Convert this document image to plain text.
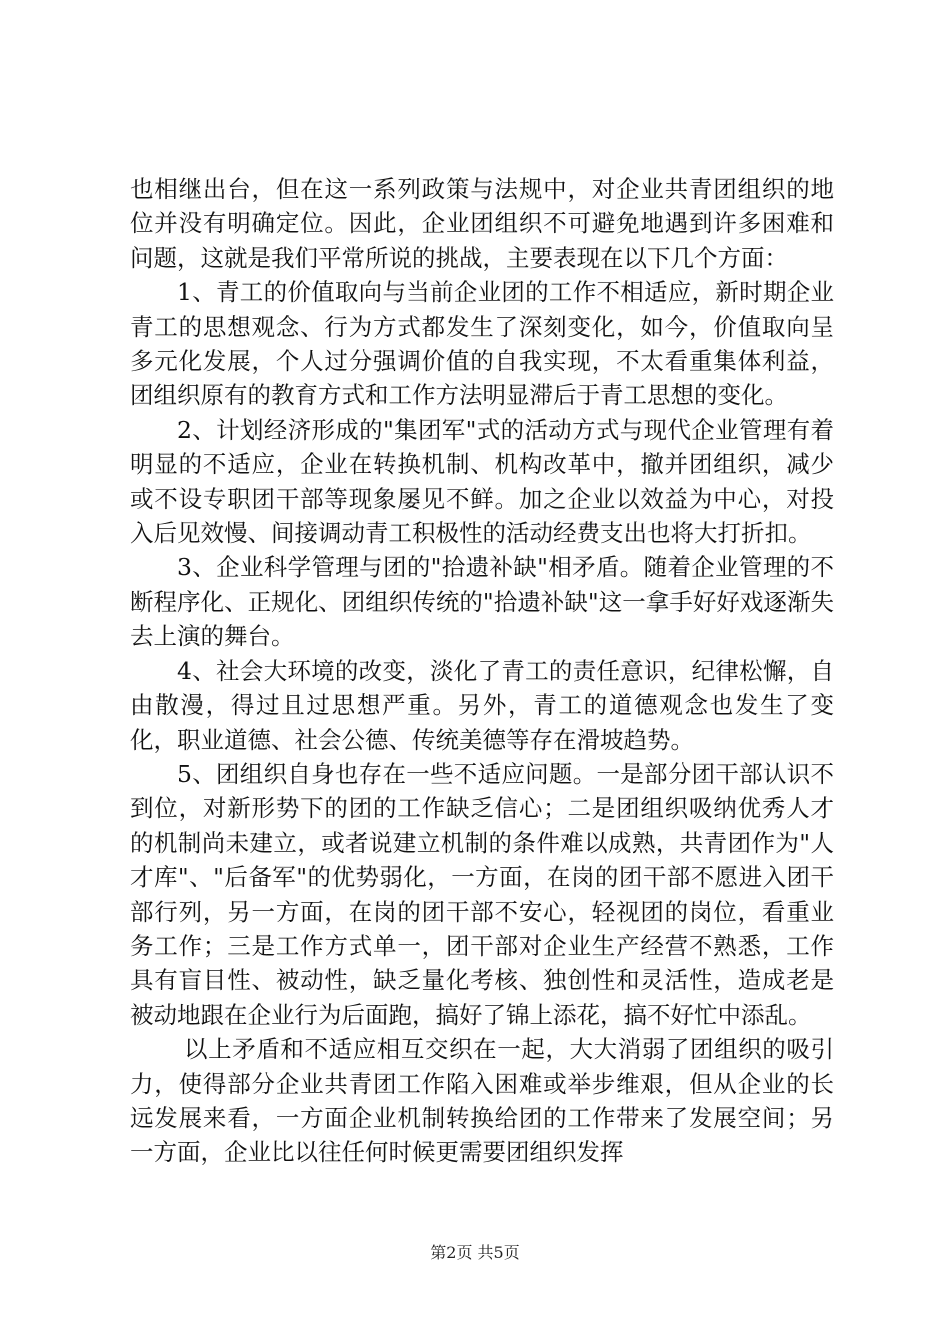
也相继出台，但在这一系列政策与法规中，对企业共青团组织的地位并没有明确定位。因此，企业团组织不可避免地遇到许多困难和问题，这就是我们平常所说的挑战，主要表现在以下几个方面：

1、青工的价值取向与当前企业团的工作不相适应，新时期企业青工的思想观念、行为方式都发生了深刻变化，如今，价值取向呈多元化发展，个人过分强调价值的自我实现，不太看重集体利益，团组织原有的教育方式和工作方法明显滞后于青工思想的变化。

2、计划经济形成的"集团军"式的活动方式与现代企业管理有着明显的不适应，企业在转换机制、机构改革中，撤并团组织，减少或不设专职团干部等现象屡见不鲜。加之企业以效益为中心，对投入后见效慢、间接调动青工积极性的活动经费支出也将大打折扣。

3、企业科学管理与团的"拾遗补缺"相矛盾。随着企业管理的不断程序化、正规化、团组织传统的"拾遗补缺"这一拿手好好戏逐渐失去上演的舞台。

4、社会大环境的改变，淡化了青工的责任意识，纪律松懈，自由散漫，得过且过思想严重。另外，青工的道德观念也发生了变化，职业道德、社会公德、传统美德等存在滑坡趋势。

5、团组织自身也存在一些不适应问题。一是部分团干部认识不到位，对新形势下的团的工作缺乏信心；二是团组织吸纳优秀人才的机制尚未建立，或者说建立机制的条件难以成熟，共青团作为"人才库"、"后备军"的优势弱化，一方面，在岗的团干部不愿进入团干部行列，另一方面，在岗的团干部不安心，轻视团的岗位，看重业务工作；三是工作方式单一，团干部对企业生产经营不熟悉，工作具有盲目性、被动性，缺乏量化考核、独创性和灵活性，造成老是被动地跟在企业行为后面跑，搞好了锦上添花，搞不好忙中添乱。

以上矛盾和不适应相互交织在一起，大大消弱了团组织的吸引力，使得部分企业共青团工作陷入困难或举步维艰，但从企业的长远发展来看，一方面企业机制转换给团的工作带来了发展空间；另一方面，企业比以往任何时候更需要团组织发挥

第2页 共5页
